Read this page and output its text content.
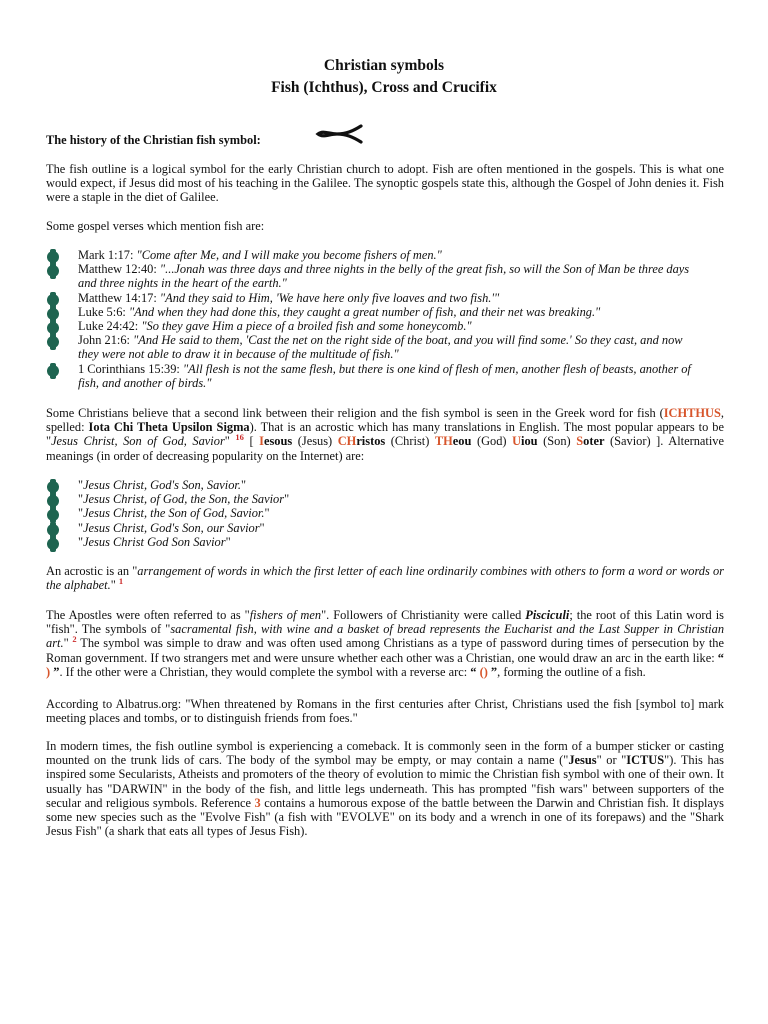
Christian symbols
Fish (Ichthus), Cross and Crucifix
The history of the Christian fish symbol:

The fish outline is a logical symbol for the early Christian church to adopt. Fish are often mentioned in the gospels. This is what one would expect, if Jesus did most of his teaching in the Galilee. The synoptic gospels state this, although the Gospel of John denies it. Fish were a staple in the diet of Galilee.

Some gospel verses which mention fish are:

Mark 1:17: "Come after Me, and I will make you become fishers of men."
Matthew 12:40: "...Jonah was three days and three nights in the belly of the great fish, so will the Son of Man be three days and three nights in the heart of the earth."
Matthew 14:17: "And they said to Him, 'We have here only five loaves and two fish.'"
Luke 5:6: "And when they had done this, they caught a great number of fish, and their net was breaking."
Luke 24:42: "So they gave Him a piece of a broiled fish and some honeycomb."
John 21:6: "And He said to them, 'Cast the net on the right side of the boat, and you will find some.' So they cast, and now they were not able to draw it in because of the multitude of fish."
1 Corinthians 15:39: "All flesh is not the same flesh, but there is one kind of flesh of men, another flesh of beasts, another of fish, and another of birds."

Some Christians believe that a second link between their religion and the fish symbol is seen in the Greek word for fish (ICHTHUS, spelled: Iota Chi Theta Upsilon Sigma). That is an acrostic which has many translations in English. The most popular appears to be "Jesus Christ, Son of God, Savior" $^{16}$ [ Iesous (Jesus) CHristos (Christ) THeou (God) Uiou (Son) Soter (Savior) ]. Alternative meanings (in order of decreasing popularity on the Internet) are:

"Jesus Christ, God's Son, Savior."
"Jesus Christ, of God, the Son, the Savior"
"Jesus Christ, the Son of God, Savior."
"Jesus Christ, God's Son, our Savior"
"Jesus Christ God Son Savior"

An acrostic is an "arrangement of words in which the first letter of each line ordinarily combines with others to form a word or words or the alphabet." $^1$

The Apostles were often referred to as "fishers of men". Followers of Christianity were called Pisciculi; the root of this Latin word is "fish". The symbols of "sacramental fish, with wine and a basket of bread represents the Eucharist and the Last Supper in Christian art." $^2$ The symbol was simple to draw and was often used among Christians as a type of password during times of persecution by the Roman government. If two strangers met and were unsure whether each other was a Christian, one would draw an arc in the earth like: “ ) ”. If the other were a Christian, they would complete the symbol with a reverse arc: “ () ”, forming the outline of a fish.

According to Albatrus.org: "When threatened by Romans in the first centuries after Christ, Christians used the fish [symbol to] mark meeting places and tombs, or to distinguish friends from foes."

In modern times, the fish outline symbol is experiencing a comeback. It is commonly seen in the form of a bumper sticker or casting mounted on the trunk lids of cars. The body of the symbol may be empty, or may contain a name ("Jesus" or "ICTUS"). This has inspired some Secularists, Atheists and promoters of the theory of evolution to mimic the Christian fish symbol with one of their own. It usually has "DARWIN" in the body of the fish, and little legs underneath. This has prompted "fish wars" between supporters of the secular and religious symbols. Reference 3 contains a humorous expose of the battle between the Darwin and Christian fish. It displays some new species such as the "Evolve Fish" (a fish with "EVOLVE" on its body and a wrench in one of its forepaws) and the "Shark Jesus Fish" (a shark that eats all types of Jesus Fish).
